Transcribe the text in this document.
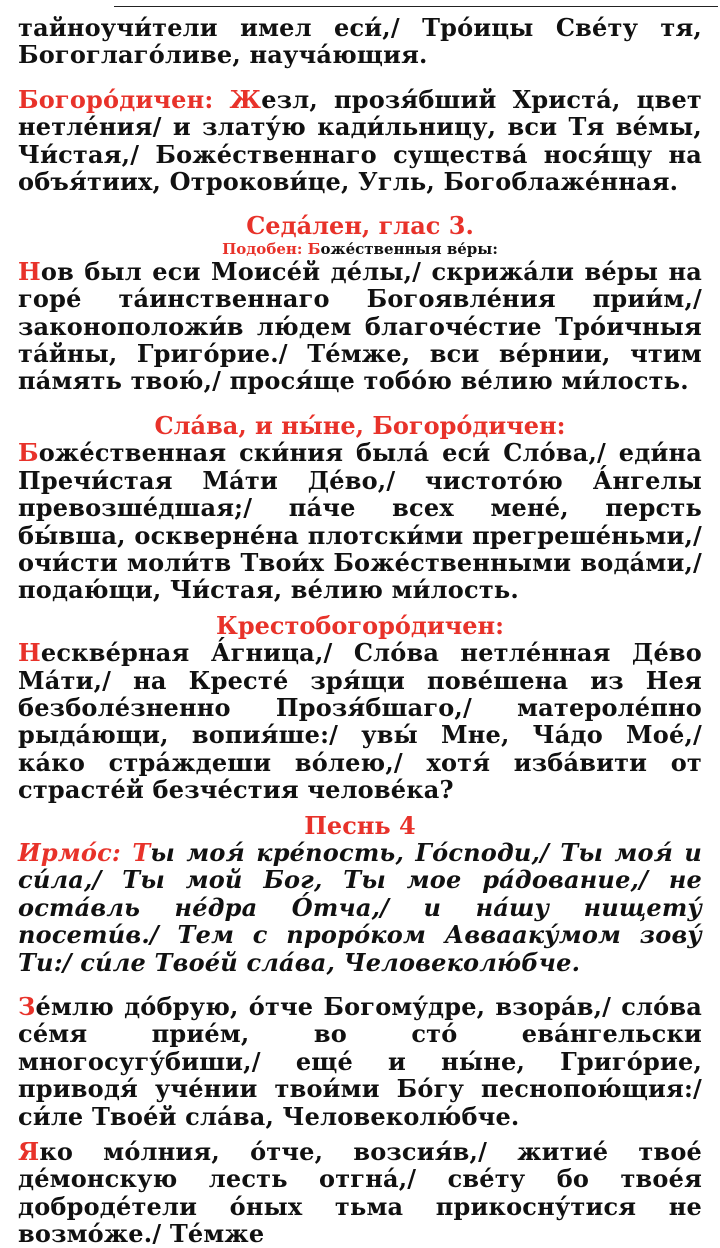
тайноучи́тели имел еси́,/ Тро́ицы Све́ту тя, Богоглаго́ливе, науча́ющия.

Богоро́дичен: Жезл, прозя́бший Христа́, цвет нетле́ния/ и злату́ю кади́льницу, вси Тя ве́мы, Чи́стая,/ Боже́ственнаго существа́ нося́щу на объя́тиих, Отрокови́це, Угль, Богоблаже́нная.

Седа́лен, глас 3.
Подобен: Боже́ственныя ве́ры:

Нов был еси Моисе́й де́лы,/ скрижа́ли ве́ры на горе́ та́инственнаго Богоявле́ния прии́м,/ законоположи́в лю́дем благоче́стие Тро́ичныя та́йны, Григо́рие./ Те́мже, вси ве́рнии, чтим па́мять твою́,/ прося́ще тобо́ю ве́лию ми́лость.

Сла́ва, и ны́не, Богоро́дичен:

Боже́ственная ски́ния была́ еси́ Сло́ва,/ еди́на Пречи́стая Ма́ти Де́во,/ чистото́ю А́нгелы превозше́дшая;/ па́че всех мене́, персть бы́вша, оскверне́на плотски́ми прегреше́ньми,/ очи́сти моли́тв Твои́х Боже́ственными вода́ми,/ подаю́щи, Чи́стая, ве́лию ми́лость.

Крестобогоро́дичен:

Несквéрная А́гница,/ Сло́ва нетле́нная Де́во Ма́ти,/ на Кресте́ зря́щи пове́шена из Нея безболе́зненно Прозя́бшаго,/ матероле́пно рыда́ющи, вопия́ше:/ увы́ Мне, Ча́до Мое́,/ ка́ко стра́ждеши во́лею,/ хотя́ изба́вити от страсте́й безче́стия челове́ка?

Песнь 4

Ирмо́с: Ты моя́ кре́пость, Го́споди,/ Ты моя́ и си́ла,/ Ты мой Бог, Ты мое ра́дование,/ не оста́вль не́дра О́тча,/ и на́шу нищету́ посети́в./ Тем с проро́ком Аввааку́мом зову́ Ти:/ си́ле Твое́й сла́ва, Человеколю́бче.

Зе́млю до́брую, о́тче Богому́дре, взора́в,/ сло́ва се́мя прие́м, во сто́ ева́нгельски многосугу́биши,/ еще́ и ны́не, Григо́рие, приводя́ уче́нии твои́ми Бо́гу песнопою́щия:/ си́ле Твое́й сла́ва, Человеколю́бче.

Яко мо́лния, о́тче, возсия́в,/ житие́ твое́ де́монскую лесть отгна́,/ све́ту бо твое́я доброде́тели о́ных тьма прикосну́тися не возмо́же./ Те́мже
